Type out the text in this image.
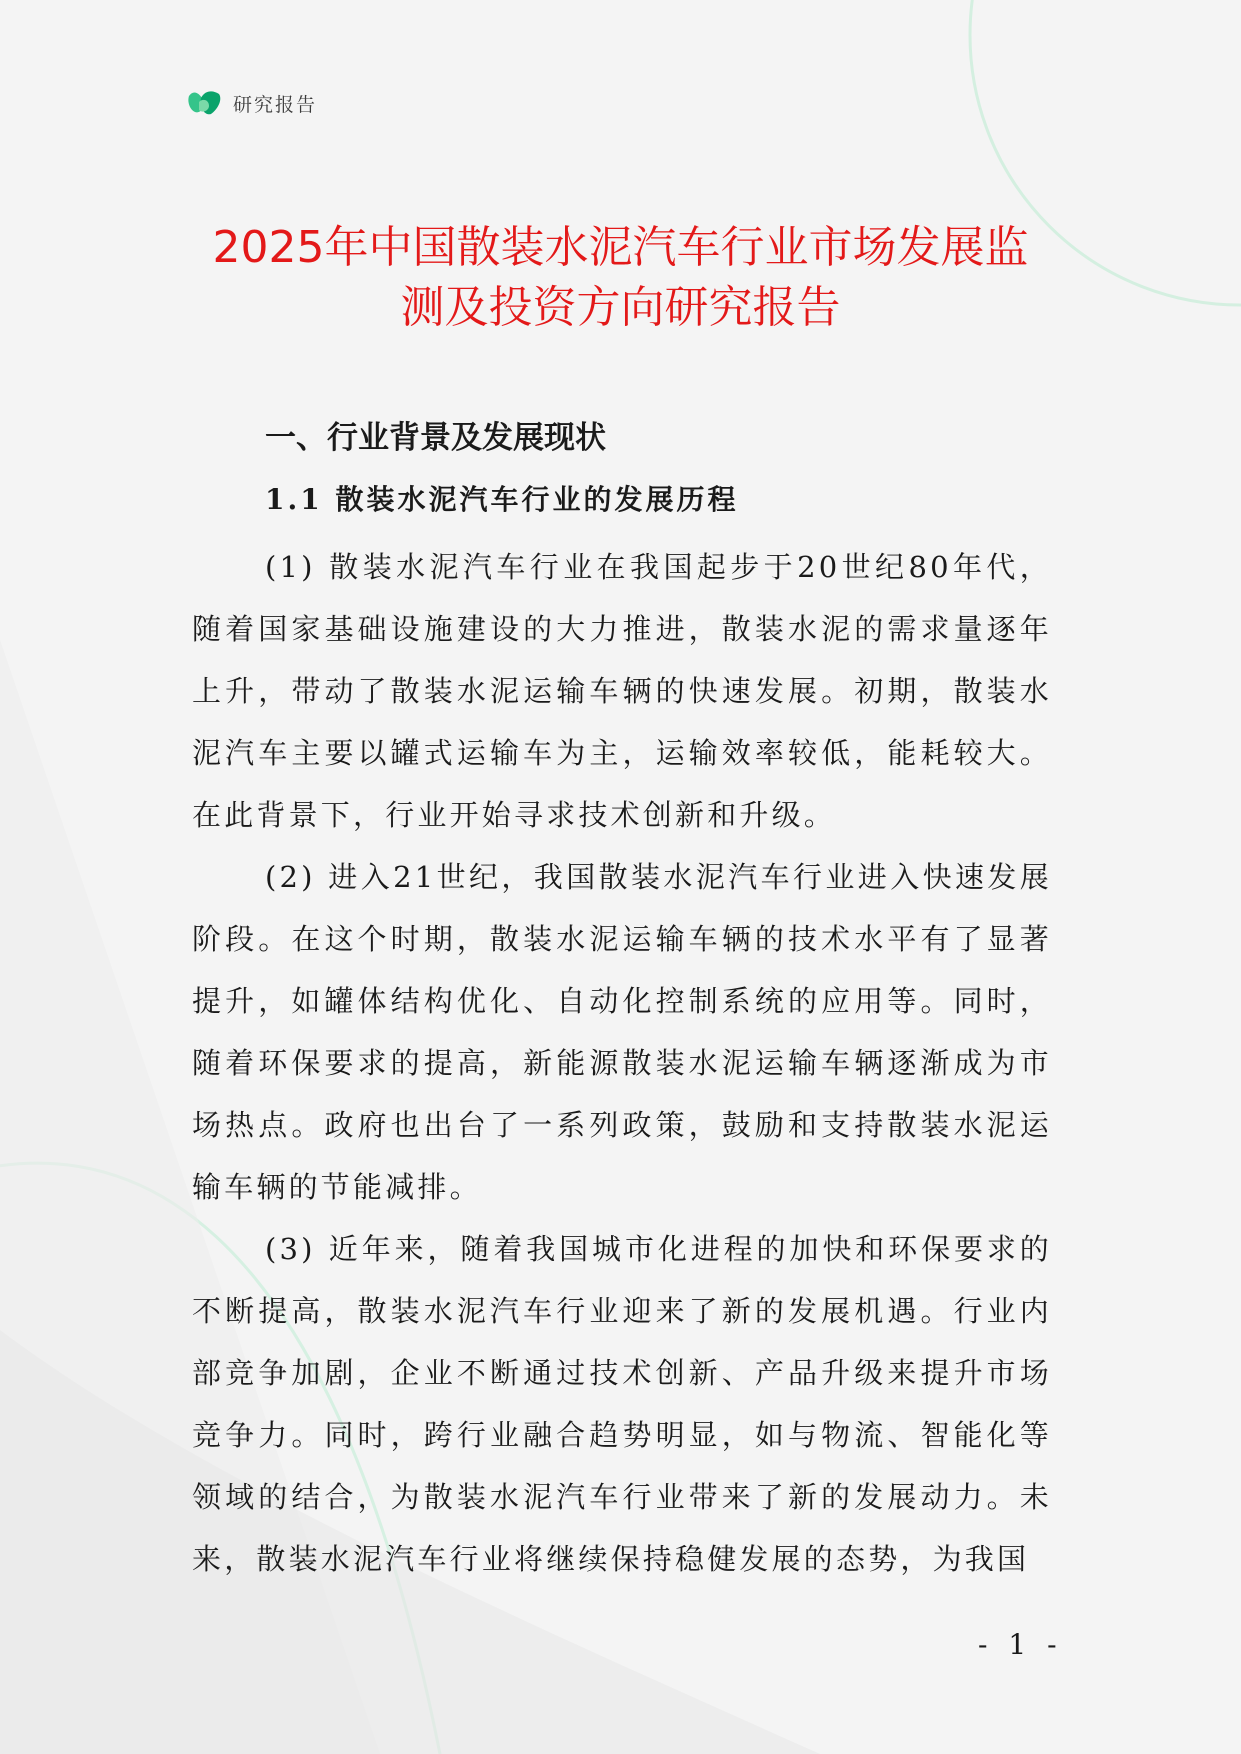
研究报告
2025年中国散装水泥汽车行业市场发展监
测及投资方向研究报告
一、行业背景及发展现状
1.1 散装水泥汽车行业的发展历程

(1) 散装水泥汽车行业在我国起步于20世纪80年代，随着国家基础设施建设的大力推进，散装水泥的需求量逐年上升，带动了散装水泥运输车辆的快速发展。初期，散装水泥汽车主要以罐式运输车为主，运输效率较低，能耗较大。在此背景下，行业开始寻求技术创新和升级。

(2) 进入21世纪，我国散装水泥汽车行业进入快速发展阶段。在这个时期，散装水泥运输车辆的技术水平有了显著提升，如罐体结构优化、自动化控制系统的应用等。同时，随着环保要求的提高，新能源散装水泥运输车辆逐渐成为市场热点。政府也出台了一系列政策，鼓励和支持散装水泥运输车辆的节能减排。

(3) 近年来，随着我国城市化进程的加快和环保要求的不断提高，散装水泥汽车行业迎来了新的发展机遇。行业内部竞争加剧，企业不断通过技术创新、产品升级来提升市场竞争力。同时，跨行业融合趋势明显，如与物流、智能化等领域的结合，为散装水泥汽车行业带来了新的发展动力。未来，散装水泥汽车行业将继续保持稳健发展的态势，为我国

- 1 -
